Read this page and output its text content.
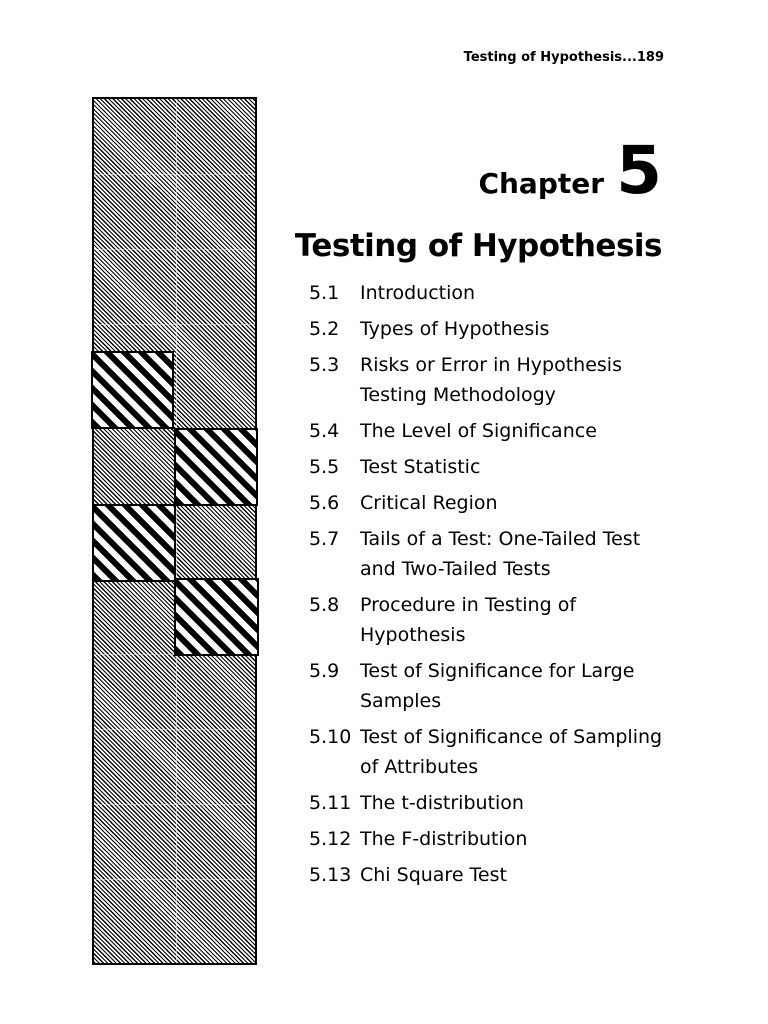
Testing of Hypothesis...189
Chapter 5
Testing of Hypothesis
5.1	Introduction
5.2	Types of Hypothesis
5.3	Risks or Error in Hypothesis Testing Methodology
5.4	The Level of Significance
5.5	Test Statistic
5.6	Critical Region
5.7	Tails of a Test: One-Tailed Test and Two-Tailed Tests
5.8	Procedure in Testing of Hypothesis
5.9	Test of Significance for Large Samples
5.10 Test of Significance of Sampling of Attributes
5.11 The t-distribution
5.12 The F-distribution
5.13 Chi Square Test
